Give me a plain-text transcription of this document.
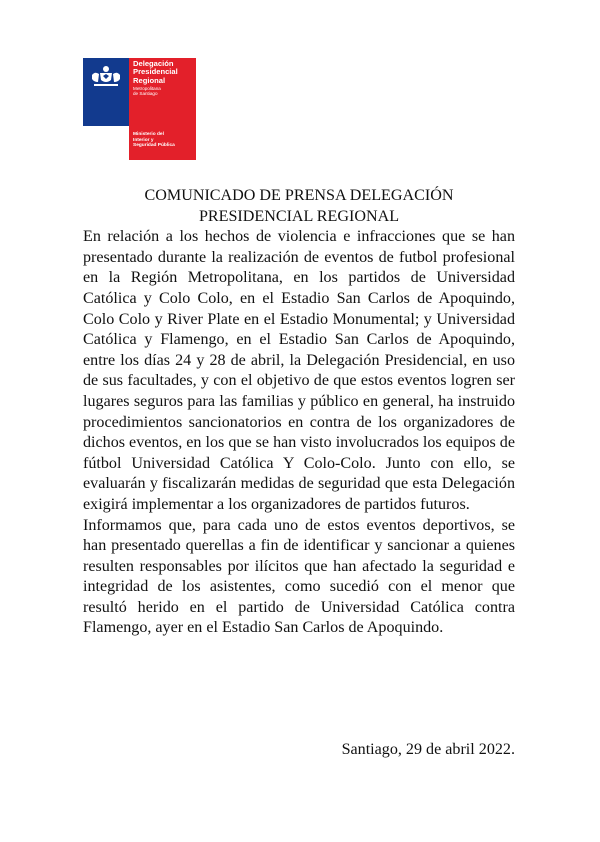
Delegación
Presidencial
Regional
Metropolitana
de Santiago
Ministerio del
Interior y
Seguridad Pública
COMUNICADO DE PRENSA DELEGACIÓN
PRESIDENCIAL REGIONAL

En relación a los hechos de violencia e infracciones que se han presentado durante la realización de eventos de futbol profesional en la Región Metropolitana, en los partidos de Universidad Católica y Colo Colo, en el Estadio San Carlos de Apoquindo, Colo Colo y River Plate en el Estadio Monumental; y Universidad Católica y Flamengo, en el Estadio San Carlos de Apoquindo, entre los días 24 y 28 de abril, la Delegación Presidencial, en uso de sus facultades, y con el objetivo de que estos eventos logren ser lugares seguros para las familias y público en general, ha instruido procedimientos sancionatorios en contra de los organizadores de dichos eventos, en los que se han visto involucrados los equipos de fútbol Universidad Católica Y Colo-Colo. Junto con ello, se evaluarán y fiscalizarán medidas de seguridad que esta Delegación exigirá implementar a los organizadores de partidos futuros.

Informamos que, para cada uno de estos eventos deportivos, se han presentado querellas a fin de identificar y sancionar a quienes resulten responsables por ilícitos que han afectado la seguridad e integridad de los asistentes, como sucedió con el menor que resultó herido en el partido de Universidad Católica contra Flamengo, ayer en el Estadio San Carlos de Apoquindo.

Santiago, 29 de abril 2022.
